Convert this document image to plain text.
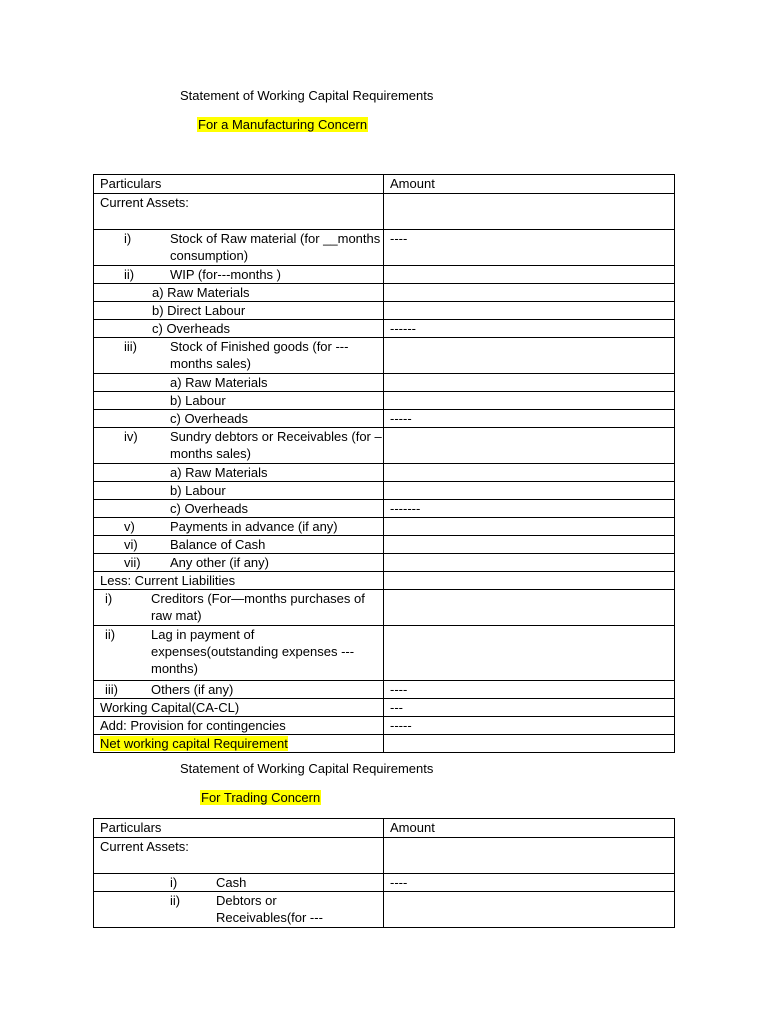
Statement of Working Capital Requirements
For a Manufacturing Concern
Particulars	Amount

Current Assets:	

i) Stock of Raw material (for __months consumption)	----

ii) WIP (for---months )	

a) Raw Materials	

b) Direct Labour	

c) Overheads	------

iii) Stock of Finished goods (for ---months sales)	

a) Raw Materials	

b) Labour	

c) Overheads	-----

iv) Sundry debtors or Receivables (for –months sales)	

a) Raw Materials	

b) Labour	

c) Overheads	-------

v) Payments in advance (if any)	

vi) Balance of Cash	

vii) Any other (if any)	

Less: Current Liabilities	

i) Creditors (For—months purchases of raw mat)	

ii) Lag in payment of expenses(outstanding expenses ---months)	

iii) Others (if any)	----

Working Capital(CA-CL)	---

Add: Provision for contingencies	-----

Net working capital Requirement	

Statement of Working Capital Requirements
For Trading Concern
Particulars	Amount

Current Assets:	

i) Cash	----

ii) Debtors or Receivables(for ---	
